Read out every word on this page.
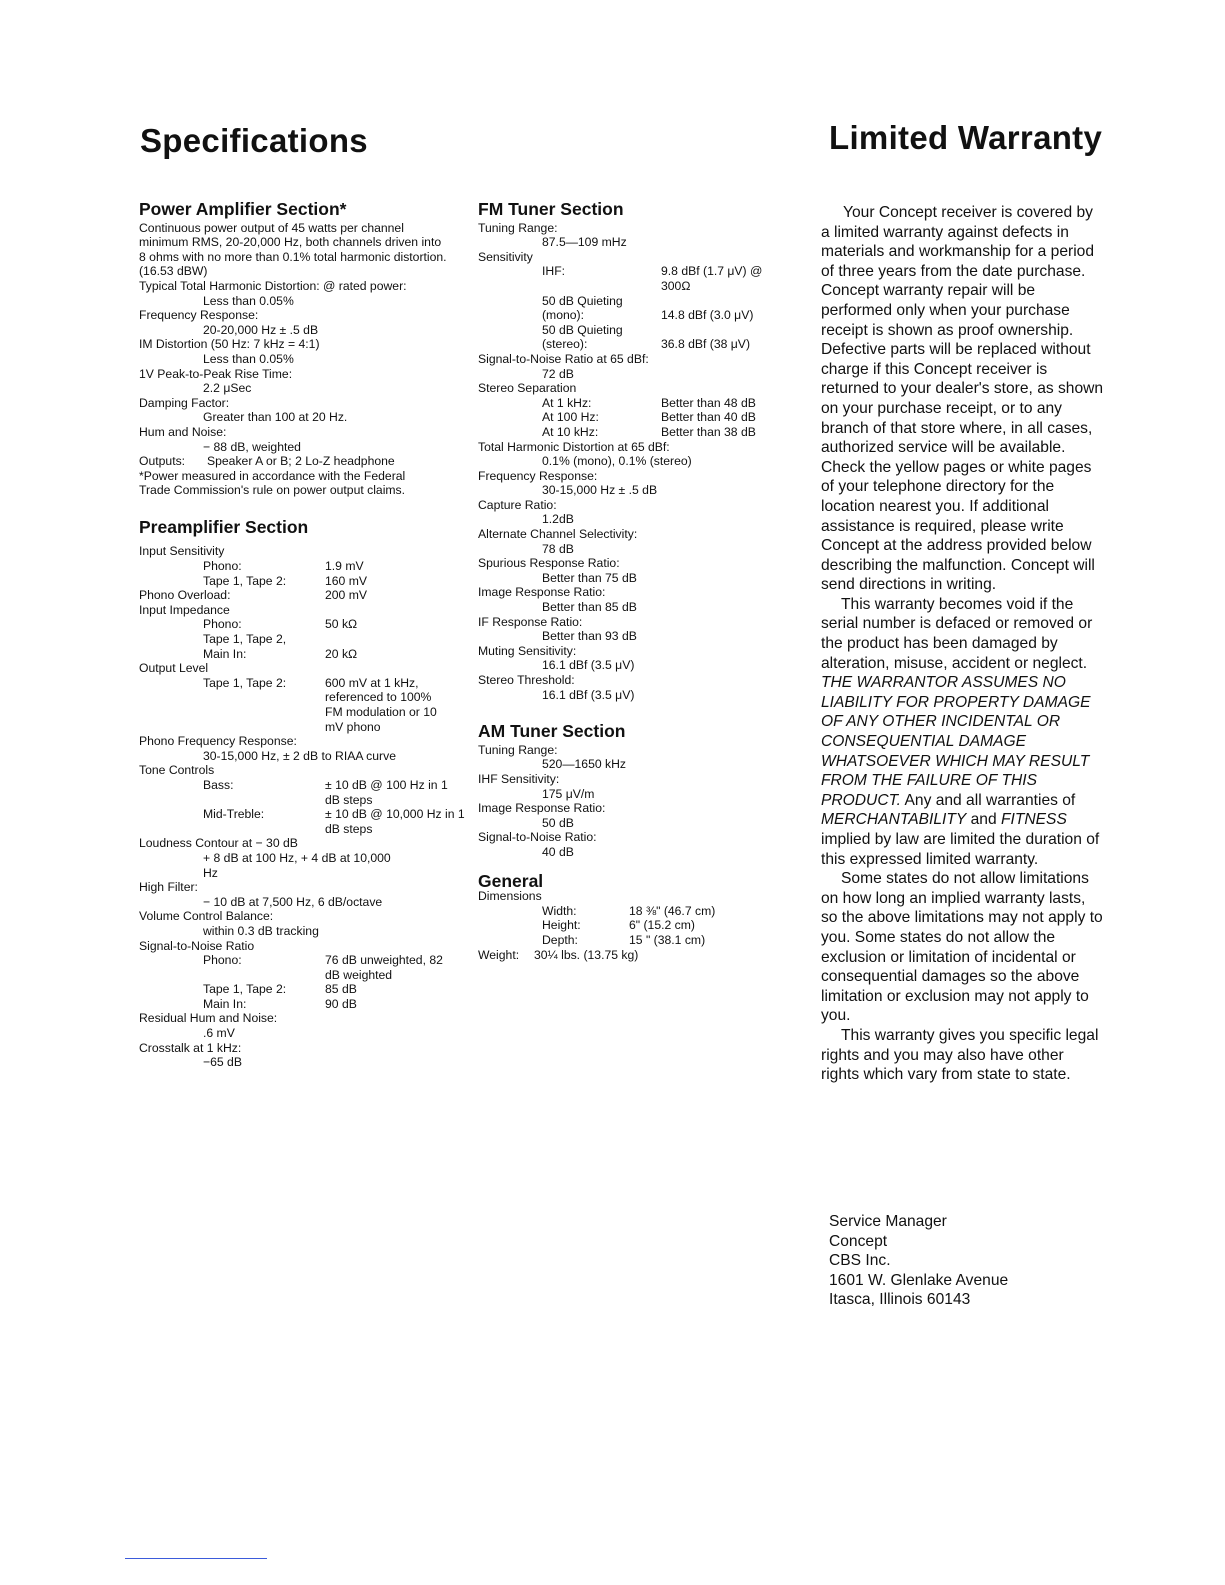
Specifications	Limited Warranty
Power Amplifier Section*

Continuous power output of 45 watts per channel minimum RMS, 20-20,000 Hz, both channels driven into 8 ohms with no more than 0.1% total harmonic distortion. (16.53 dBW)

Typical Total Harmonic Distortion: @ rated power:

Less than 0.05%

Frequency Response:

20-20,000 Hz ± .5 dB

IM Distortion (50 Hz: 7 kHz = 4:1)

Less than 0.05%

1V Peak-to-Peak Rise Time:

2.2 μSec

Damping Factor:

Greater than 100 at 20 Hz.

Hum and Noise:

− 88 dB, weighted

Outputs:	Speaker A or B; 2 Lo-Z headphone

*Power measured in accordance with the Federal Trade Commission's rule on power output claims.

Preamplifier Section

Input Sensitivity

Phono:	1.9 mV
Tape 1, Tape 2:	160 mV
Phono Overload:	200 mV

Input Impedance

Phono:	50 kΩ

Tape 1, Tape 2,

Main In:	20 kΩ

Output Level

Tape 1, Tape 2:	600 mV at 1 kHz, referenced to 100% FM modulation or 10 mV phono

Phono Frequency Response:

30-15,000 Hz, ± 2 dB to RIAA curve

Tone Controls

Bass:	± 10 dB @ 100 Hz in 1 dB steps
Mid-Treble:	± 10 dB @ 10,000 Hz in 1 dB steps

Loudness Contour at − 30 dB

+ 8 dB at 100 Hz, + 4 dB at 10,000 Hz

High Filter:

− 10 dB at 7,500 Hz, 6 dB/octave

Volume Control Balance:

within 0.3 dB tracking

Signal-to-Noise Ratio

Phono:	76 dB unweighted, 82 dB weighted
Tape 1, Tape 2:	85 dB
Main In:	90 dB

Residual Hum and Noise:

.6 mV

Crosstalk at 1 kHz:

−65 dB

FM Tuner Section

Tuning Range:

87.5—109 mHz

Sensitivity

IHF:	9.8 dBf (1.7 μV) @ 300Ω
50 dB Quieting (mono):	14.8 dBf (3.0 μV)
50 dB Quieting (stereo):	36.8 dBf (38 μV)

Signal-to-Noise Ratio at 65 dBf:

72 dB

Stereo Separation

At 1 kHz:	Better than 48 dB
At 100 Hz:	Better than 40 dB
At 10 kHz:	Better than 38 dB

Total Harmonic Distortion at 65 dBf:

0.1% (mono), 0.1% (stereo)

Frequency Response:

30-15,000 Hz ± .5 dB

Capture Ratio:

1.2dB

Alternate Channel Selectivity:

78 dB

Spurious Response Ratio:

Better than 75 dB

Image Response Ratio:

Better than 85 dB

IF Response Ratio:

Better than 93 dB

Muting Sensitivity:

16.1 dBf (3.5 μV)

Stereo Threshold:

16.1 dBf (3.5 μV)

AM Tuner Section

Tuning Range:

520—1650 kHz

IHF Sensitivity:

175 μV/m

Image Response Ratio:

50 dB

Signal-to-Noise Ratio:

40 dB

General

Dimensions

Width:	18 ⅜" (46.7 cm)
Height:	6" (15.2 cm)
Depth:	15 " (38.1 cm)
Weight:	30¼ lbs. (13.75 kg)

Your Concept receiver is covered by a limited warranty against defects in materials and workmanship for a period of three years from the date purchase. Concept warranty repair will be performed only when your purchase receipt is shown as proof ownership. Defective parts will be replaced without charge if this Concept receiver is returned to your dealer's store, as shown on your purchase receipt, or to any branch of that store where, in all cases, authorized service will be available. Check the yellow pages or white pages of your telephone directory for the location nearest you. If additional assistance is required, please write Concept at the address provided below describing the malfunction. Concept will send directions in writing.

This warranty becomes void if the serial number is defaced or removed or the product has been damaged by alteration, misuse, accident or neglect. THE WARRANTOR ASSUMES NO LIABILITY FOR PROPERTY DAMAGE OF ANY OTHER INCIDENTAL OR CONSEQUENTIAL DAMAGE WHATSOEVER WHICH MAY RESULT FROM THE FAILURE OF THIS PRODUCT. Any and all warranties of MERCHANTABILITY and FITNESS implied by law are limited the duration of this expressed limited warranty.

Some states do not allow limitations on how long an implied warranty lasts, so the above limitations may not apply to you. Some states do not allow the exclusion or limitation of incidental or consequential damages so the above limitation or exclusion may not apply to you.

This warranty gives you specific legal rights and you may also have other rights which vary from state to state.

Service Manager
Concept
CBS Inc.
1601 W. Glenlake Avenue
Itasca, Illinois 60143
